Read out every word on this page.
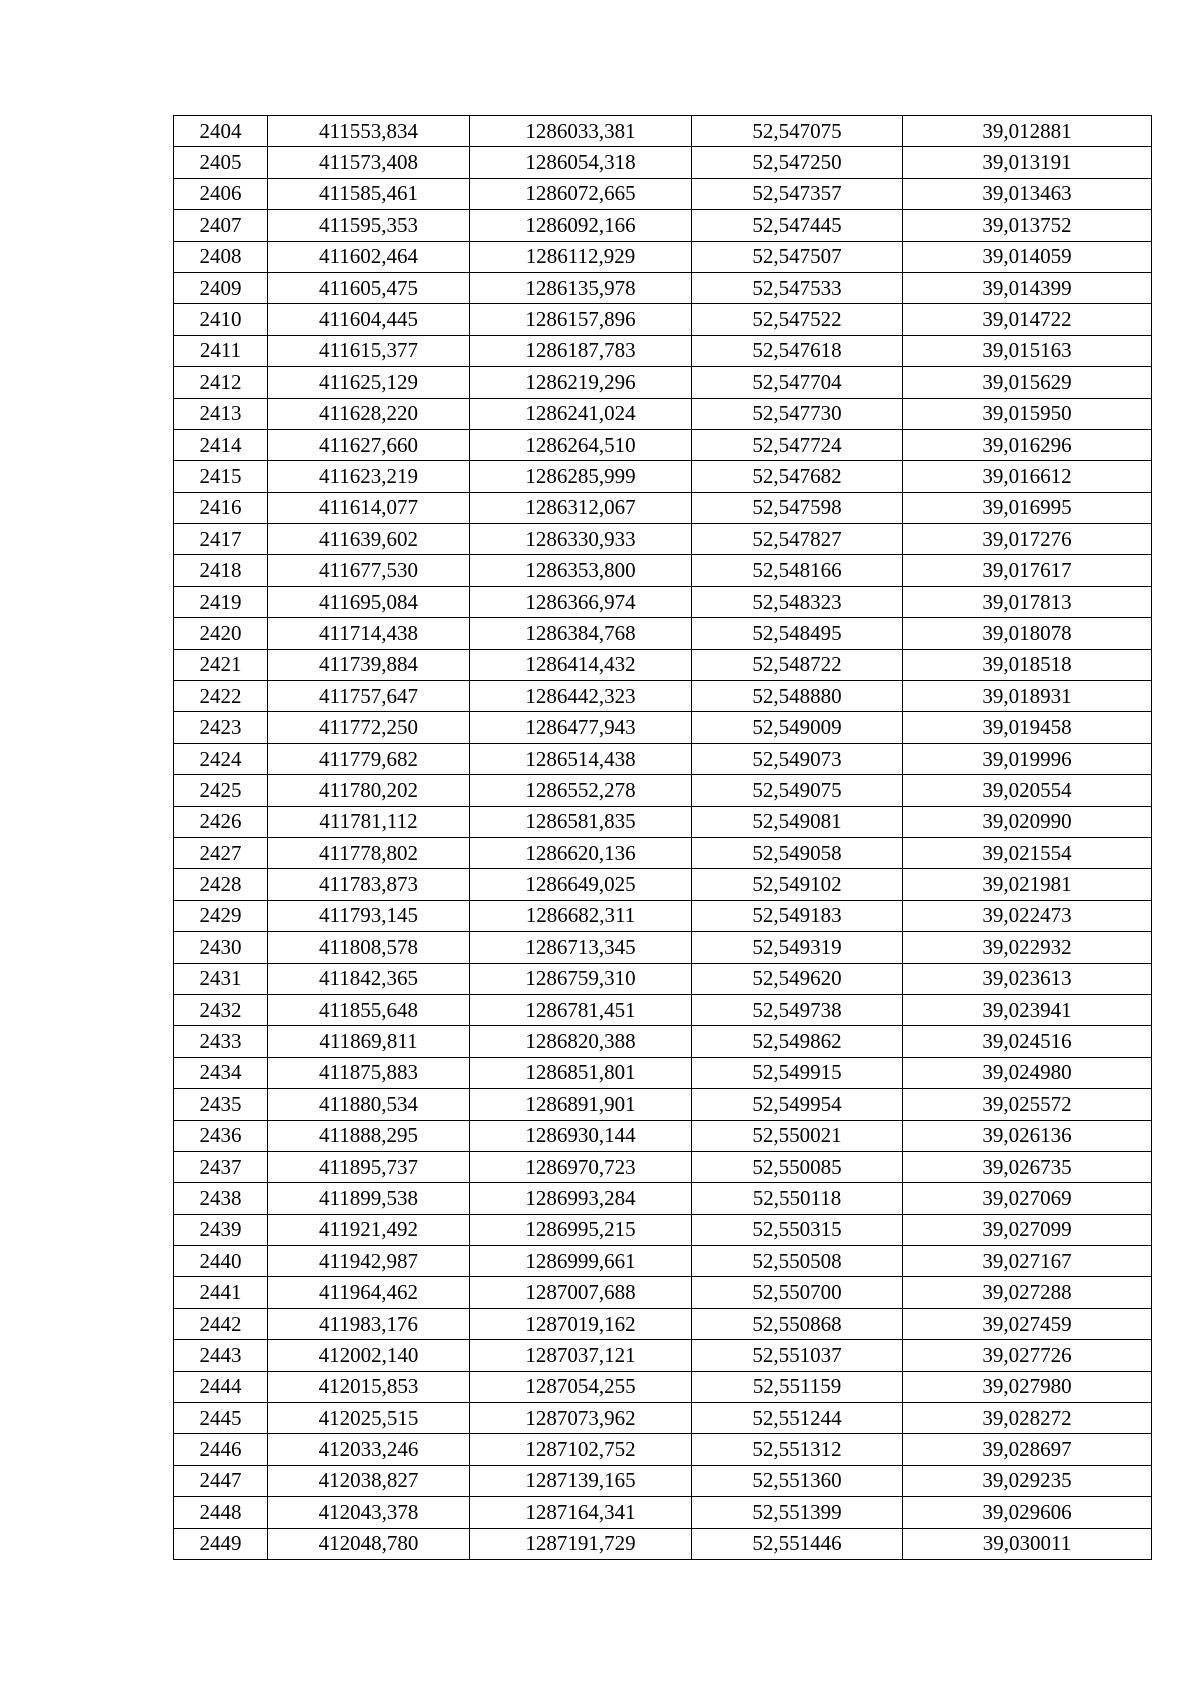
2404	411553,834	1286033,381	52,547075	39,012881
2405	411573,408	1286054,318	52,547250	39,013191
2406	411585,461	1286072,665	52,547357	39,013463
2407	411595,353	1286092,166	52,547445	39,013752
2408	411602,464	1286112,929	52,547507	39,014059
2409	411605,475	1286135,978	52,547533	39,014399
2410	411604,445	1286157,896	52,547522	39,014722
2411	411615,377	1286187,783	52,547618	39,015163
2412	411625,129	1286219,296	52,547704	39,015629
2413	411628,220	1286241,024	52,547730	39,015950
2414	411627,660	1286264,510	52,547724	39,016296
2415	411623,219	1286285,999	52,547682	39,016612
2416	411614,077	1286312,067	52,547598	39,016995
2417	411639,602	1286330,933	52,547827	39,017276
2418	411677,530	1286353,800	52,548166	39,017617
2419	411695,084	1286366,974	52,548323	39,017813
2420	411714,438	1286384,768	52,548495	39,018078
2421	411739,884	1286414,432	52,548722	39,018518
2422	411757,647	1286442,323	52,548880	39,018931
2423	411772,250	1286477,943	52,549009	39,019458
2424	411779,682	1286514,438	52,549073	39,019996
2425	411780,202	1286552,278	52,549075	39,020554
2426	411781,112	1286581,835	52,549081	39,020990
2427	411778,802	1286620,136	52,549058	39,021554
2428	411783,873	1286649,025	52,549102	39,021981
2429	411793,145	1286682,311	52,549183	39,022473
2430	411808,578	1286713,345	52,549319	39,022932
2431	411842,365	1286759,310	52,549620	39,023613
2432	411855,648	1286781,451	52,549738	39,023941
2433	411869,811	1286820,388	52,549862	39,024516
2434	411875,883	1286851,801	52,549915	39,024980
2435	411880,534	1286891,901	52,549954	39,025572
2436	411888,295	1286930,144	52,550021	39,026136
2437	411895,737	1286970,723	52,550085	39,026735
2438	411899,538	1286993,284	52,550118	39,027069
2439	411921,492	1286995,215	52,550315	39,027099
2440	411942,987	1286999,661	52,550508	39,027167
2441	411964,462	1287007,688	52,550700	39,027288
2442	411983,176	1287019,162	52,550868	39,027459
2443	412002,140	1287037,121	52,551037	39,027726
2444	412015,853	1287054,255	52,551159	39,027980
2445	412025,515	1287073,962	52,551244	39,028272
2446	412033,246	1287102,752	52,551312	39,028697
2447	412038,827	1287139,165	52,551360	39,029235
2448	412043,378	1287164,341	52,551399	39,029606
2449	412048,780	1287191,729	52,551446	39,030011
